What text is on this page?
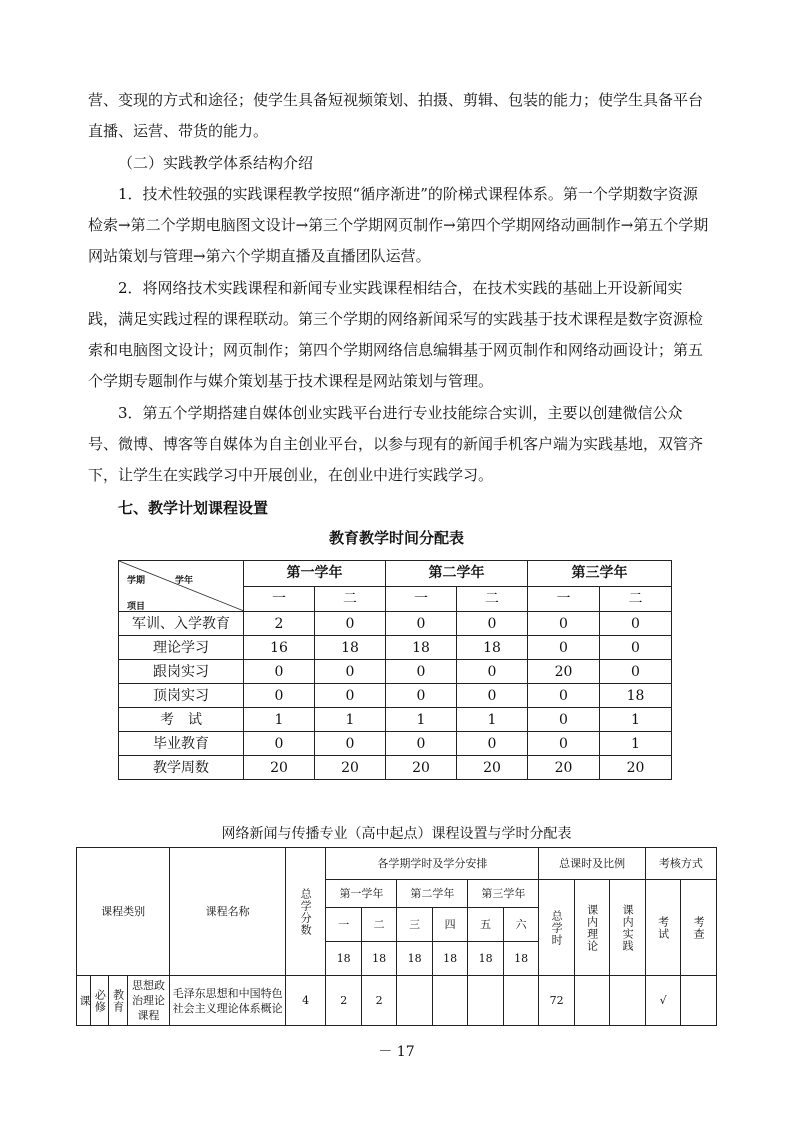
营、变现的方式和途径；使学生具备短视频策划、拍摄、剪辑、包装的能力；使学生具备平台直播、运营、带货的能力。

（二）实践教学体系结构介绍

1．技术性较强的实践课程教学按照“循序渐进”的阶梯式课程体系。第一个学期数字资源检索→第二个学期电脑图文设计→第三个学期网页制作→第四个学期网络动画制作→第五个学期网站策划与管理→第六个学期直播及直播团队运营。

2．将网络技术实践课程和新闻专业实践课程相结合，在技术实践的基础上开设新闻实践，满足实践过程的课程联动。第三个学期的网络新闻采写的实践基于技术课程是数字资源检索和电脑图文设计；网页制作；第四个学期网络信息编辑基于网页制作和网络动画设计；第五个学期专题制作与媒介策划基于技术课程是网站策划与管理。

3．第五个学期搭建自媒体创业实践平台进行专业技能综合实训，主要以创建微信公众号、微博、博客等自媒体为自主创业平台，以参与现有的新闻手机客户端为实践基地，双管齐下，让学生在实践学习中开展创业，在创业中进行实践学习。

七、教学计划课程设置

教育教学时间分配表

学期 学年
项目	第一学年		第二学年		第三学年	
	一	二	一	二	一	二
军训、入学教育	2	0	0	0	0	0
理论学习	16	18	18	18	0	0
跟岗实习	0	0	0	0	20	0
顶岗实习	0	0	0	0	0	18
考　试	1	1	1	1	0	1
毕业教育	0	0	0	0	0	1
教学周数	20	20	20	20	20	20

网络新闻与传播专业（高中起点）课程设置与学时分配表

课程类别				课程名称	总学分数	各学期学时及学分安排						总课时及比例			考核方式	
						第一学年		第二学年		第三学年		总学时	课内理论	课内实践	考试	考查

						一	二	三	四	五	六					
						18	18	18	18	18	18					

课	必修	教育	思想政治理论课程	毛泽东思想和中国特色社会主义理论体系概论	4	2	2					72			√	

－ 17
